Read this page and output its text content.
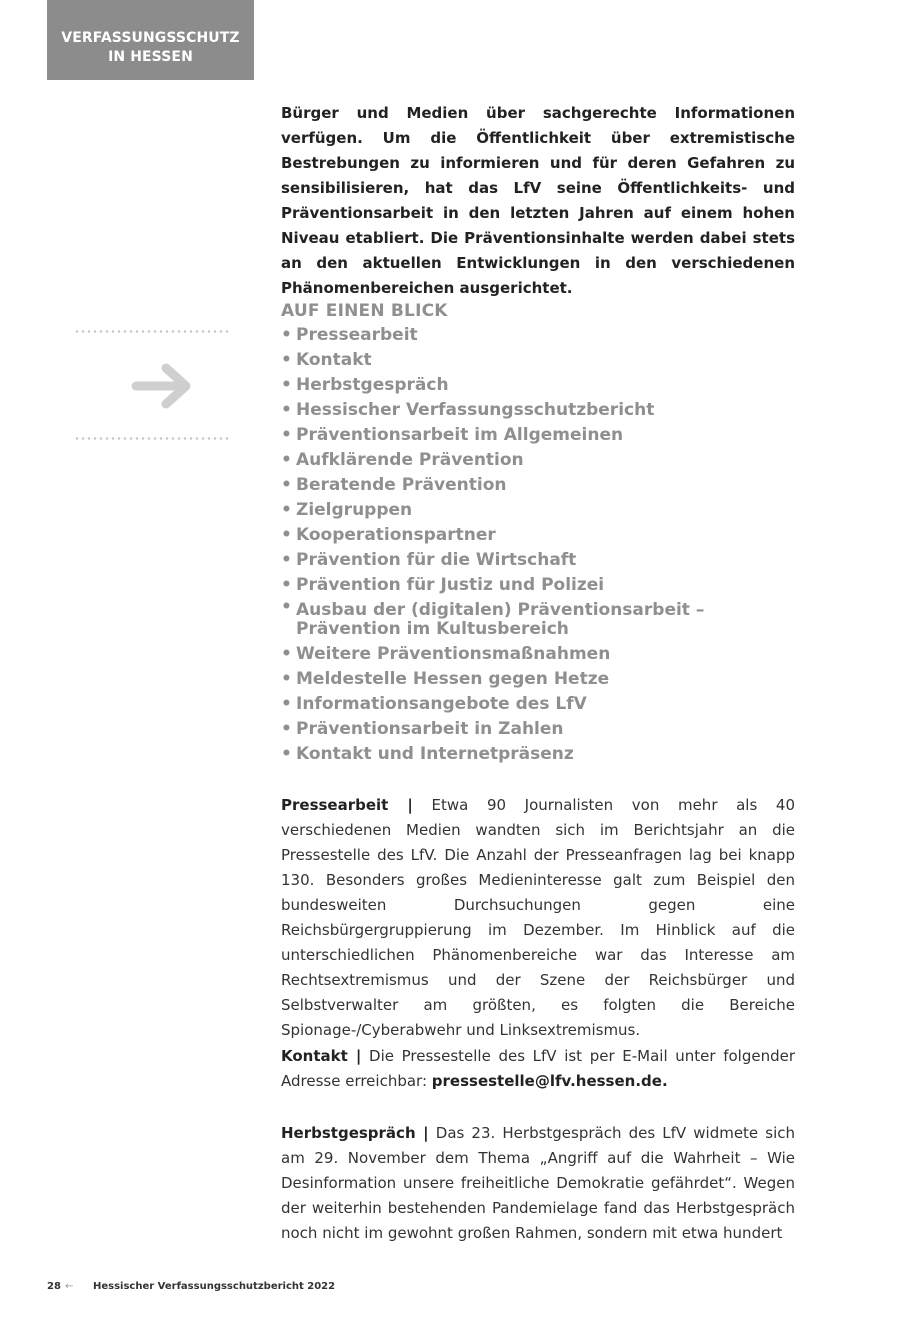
VERFASSUNGSSCHUTZ
IN HESSEN

Bürger und Medien über sachgerechte Informationen verfügen. Um die Öffentlichkeit über extremistische Bestrebungen zu informieren und für deren Gefahren zu sensibilisieren, hat das LfV seine Öffentlichkeits- und Präventionsarbeit in den letzten Jahren auf einem hohen Niveau etabliert. Die Präventionsinhalte werden dabei stets an den aktuellen Entwicklungen in den verschiedenen Phänomenbereichen ausgerichtet.

AUF EINEN BLICK
• Pressearbeit
• Kontakt
• Herbstgespräch
• Hessischer Verfassungsschutzbericht
• Präventionsarbeit im Allgemeinen
• Aufklärende Prävention
• Beratende Prävention
• Zielgruppen
• Kooperationspartner
• Prävention für die Wirtschaft
• Prävention für Justiz und Polizei
• Ausbau der (digitalen) Präventionsarbeit – Prävention im Kultusbereich
• Weitere Präventionsmaßnahmen
• Meldestelle Hessen gegen Hetze
• Informationsangebote des LfV
• Präventionsarbeit in Zahlen
• Kontakt und Internetpräsenz
Pressearbeit | Etwa 90 Journalisten von mehr als 40 verschiedenen Medien wandten sich im Berichtsjahr an die Pressestelle des LfV. Die Anzahl der Presseanfragen lag bei knapp 130. Besonders großes Medieninteresse galt zum Beispiel den bundesweiten Durchsuchungen gegen eine Reichsbürgergruppierung im Dezember. Im Hinblick auf die unterschiedlichen Phänomenbereiche war das Interesse am Rechtsextremismus und der Szene der Reichsbürger und Selbstverwalter am größten, es folgten die Bereiche Spionage-/Cyberabwehr und Linksextremismus.
Kontakt | Die Pressestelle des LfV ist per E-Mail unter folgender Adresse erreichbar: pressestelle@lfv.hessen.de.
Herbstgespräch | Das 23. Herbstgespräch des LfV widmete sich am 29. November dem Thema „Angriff auf die Wahrheit – Wie Desinformation unsere freiheitliche Demokratie gefährdet“. Wegen der weiterhin bestehenden Pandemielage fand das Herbstgespräch noch nicht im gewohnt großen Rahmen, sondern mit etwa hundert
28 ← Hessischer Verfassungsschutzbericht 2022
